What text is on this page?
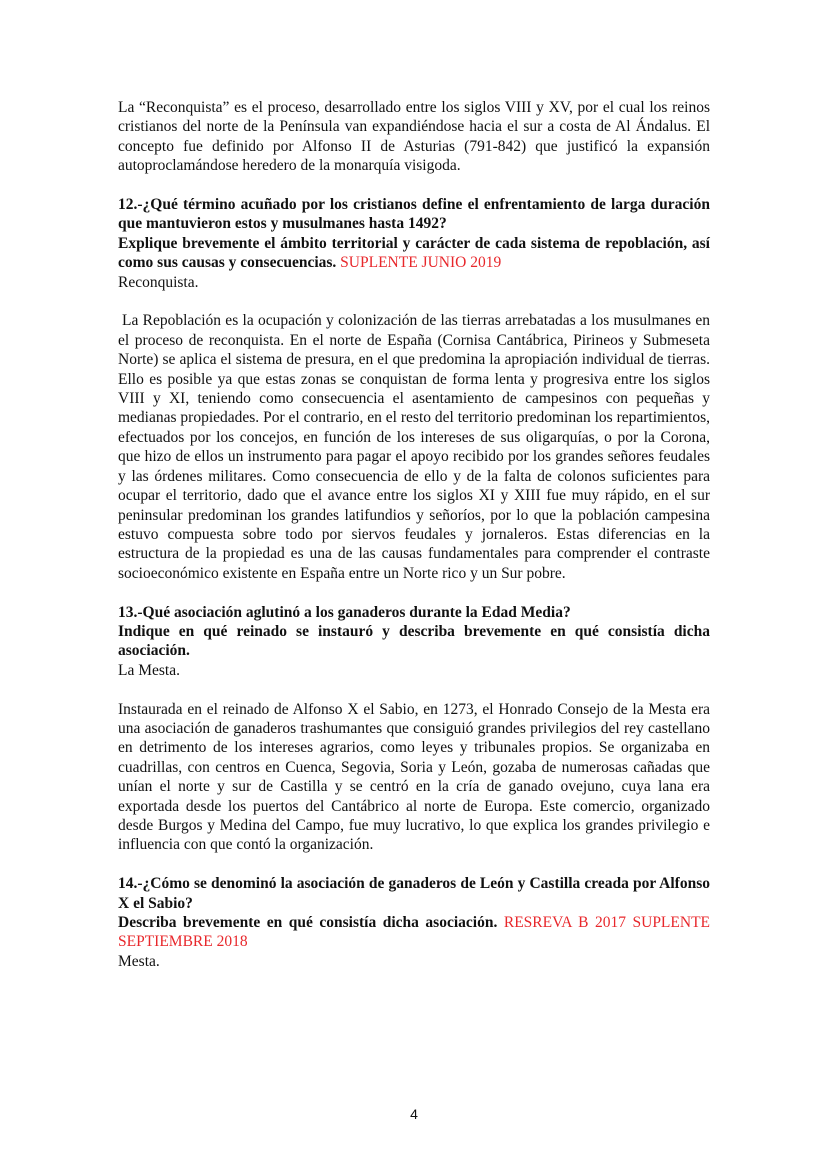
La “Reconquista” es el proceso, desarrollado entre los siglos VIII y XV, por el cual los reinos cristianos del norte de la Península van expandiéndose hacia el sur a costa de Al Ándalus. El concepto fue definido por Alfonso II de Asturias (791-842) que justificó la expansión autoproclamándose heredero de la monarquía visigoda.

12.-¿Qué término acuñado por los cristianos define el enfrentamiento de larga duración que mantuvieron estos y musulmanes hasta 1492?
Explique brevemente el ámbito territorial y carácter de cada sistema de repoblación, así como sus causas y consecuencias. SUPLENTE JUNIO 2019

Reconquista.

La Repoblación es la ocupación y colonización de las tierras arrebatadas a los musulmanes en el proceso de reconquista. En el norte de España (Cornisa Cantábrica, Pirineos y Submeseta Norte) se aplica el sistema de presura, en el que predomina la apropiación individual de tierras. Ello es posible ya que estas zonas se conquistan de forma lenta y progresiva entre los siglos VIII y XI, teniendo como consecuencia el asentamiento de campesinos con pequeñas y medianas propiedades. Por el contrario, en el resto del territorio predominan los repartimientos, efectuados por los concejos, en función de los intereses de sus oligarquías, o por la Corona, que hizo de ellos un instrumento para pagar el apoyo recibido por los grandes señores feudales y las órdenes militares. Como consecuencia de ello y de la falta de colonos suficientes para ocupar el territorio, dado que el avance entre los siglos XI y XIII fue muy rápido, en el sur peninsular predominan los grandes latifundios y señoríos, por lo que la población campesina estuvo compuesta sobre todo por siervos feudales y jornaleros. Estas diferencias en la estructura de la propiedad es una de las causas fundamentales para comprender el contraste socioeconómico existente en España entre un Norte rico y un Sur pobre.

13.-Qué asociación aglutinó a los ganaderos durante la Edad Media?
Indique en qué reinado se instauró y describa brevemente en qué consistía dicha asociación.

La Mesta.

Instaurada en el reinado de Alfonso X el Sabio, en 1273, el Honrado Consejo de la Mesta era una asociación de ganaderos trashumantes que consiguió grandes privilegios del rey castellano en detrimento de los intereses agrarios, como leyes y tribunales propios. Se organizaba en cuadrillas, con centros en Cuenca, Segovia, Soria y León, gozaba de numerosas cañadas que unían el norte y sur de Castilla y se centró en la cría de ganado ovejuno, cuya lana era exportada desde los puertos del Cantábrico al norte de Europa. Este comercio, organizado desde Burgos y Medina del Campo, fue muy lucrativo, lo que explica los grandes privilegio e influencia con que contó la organización.

14.-¿Cómo se denominó la asociación de ganaderos de León y Castilla creada por Alfonso X el Sabio?
Describa brevemente en qué consistía dicha asociación. RESREVA B 2017 SUPLENTE SEPTIEMBRE 2018

Mesta.

4
